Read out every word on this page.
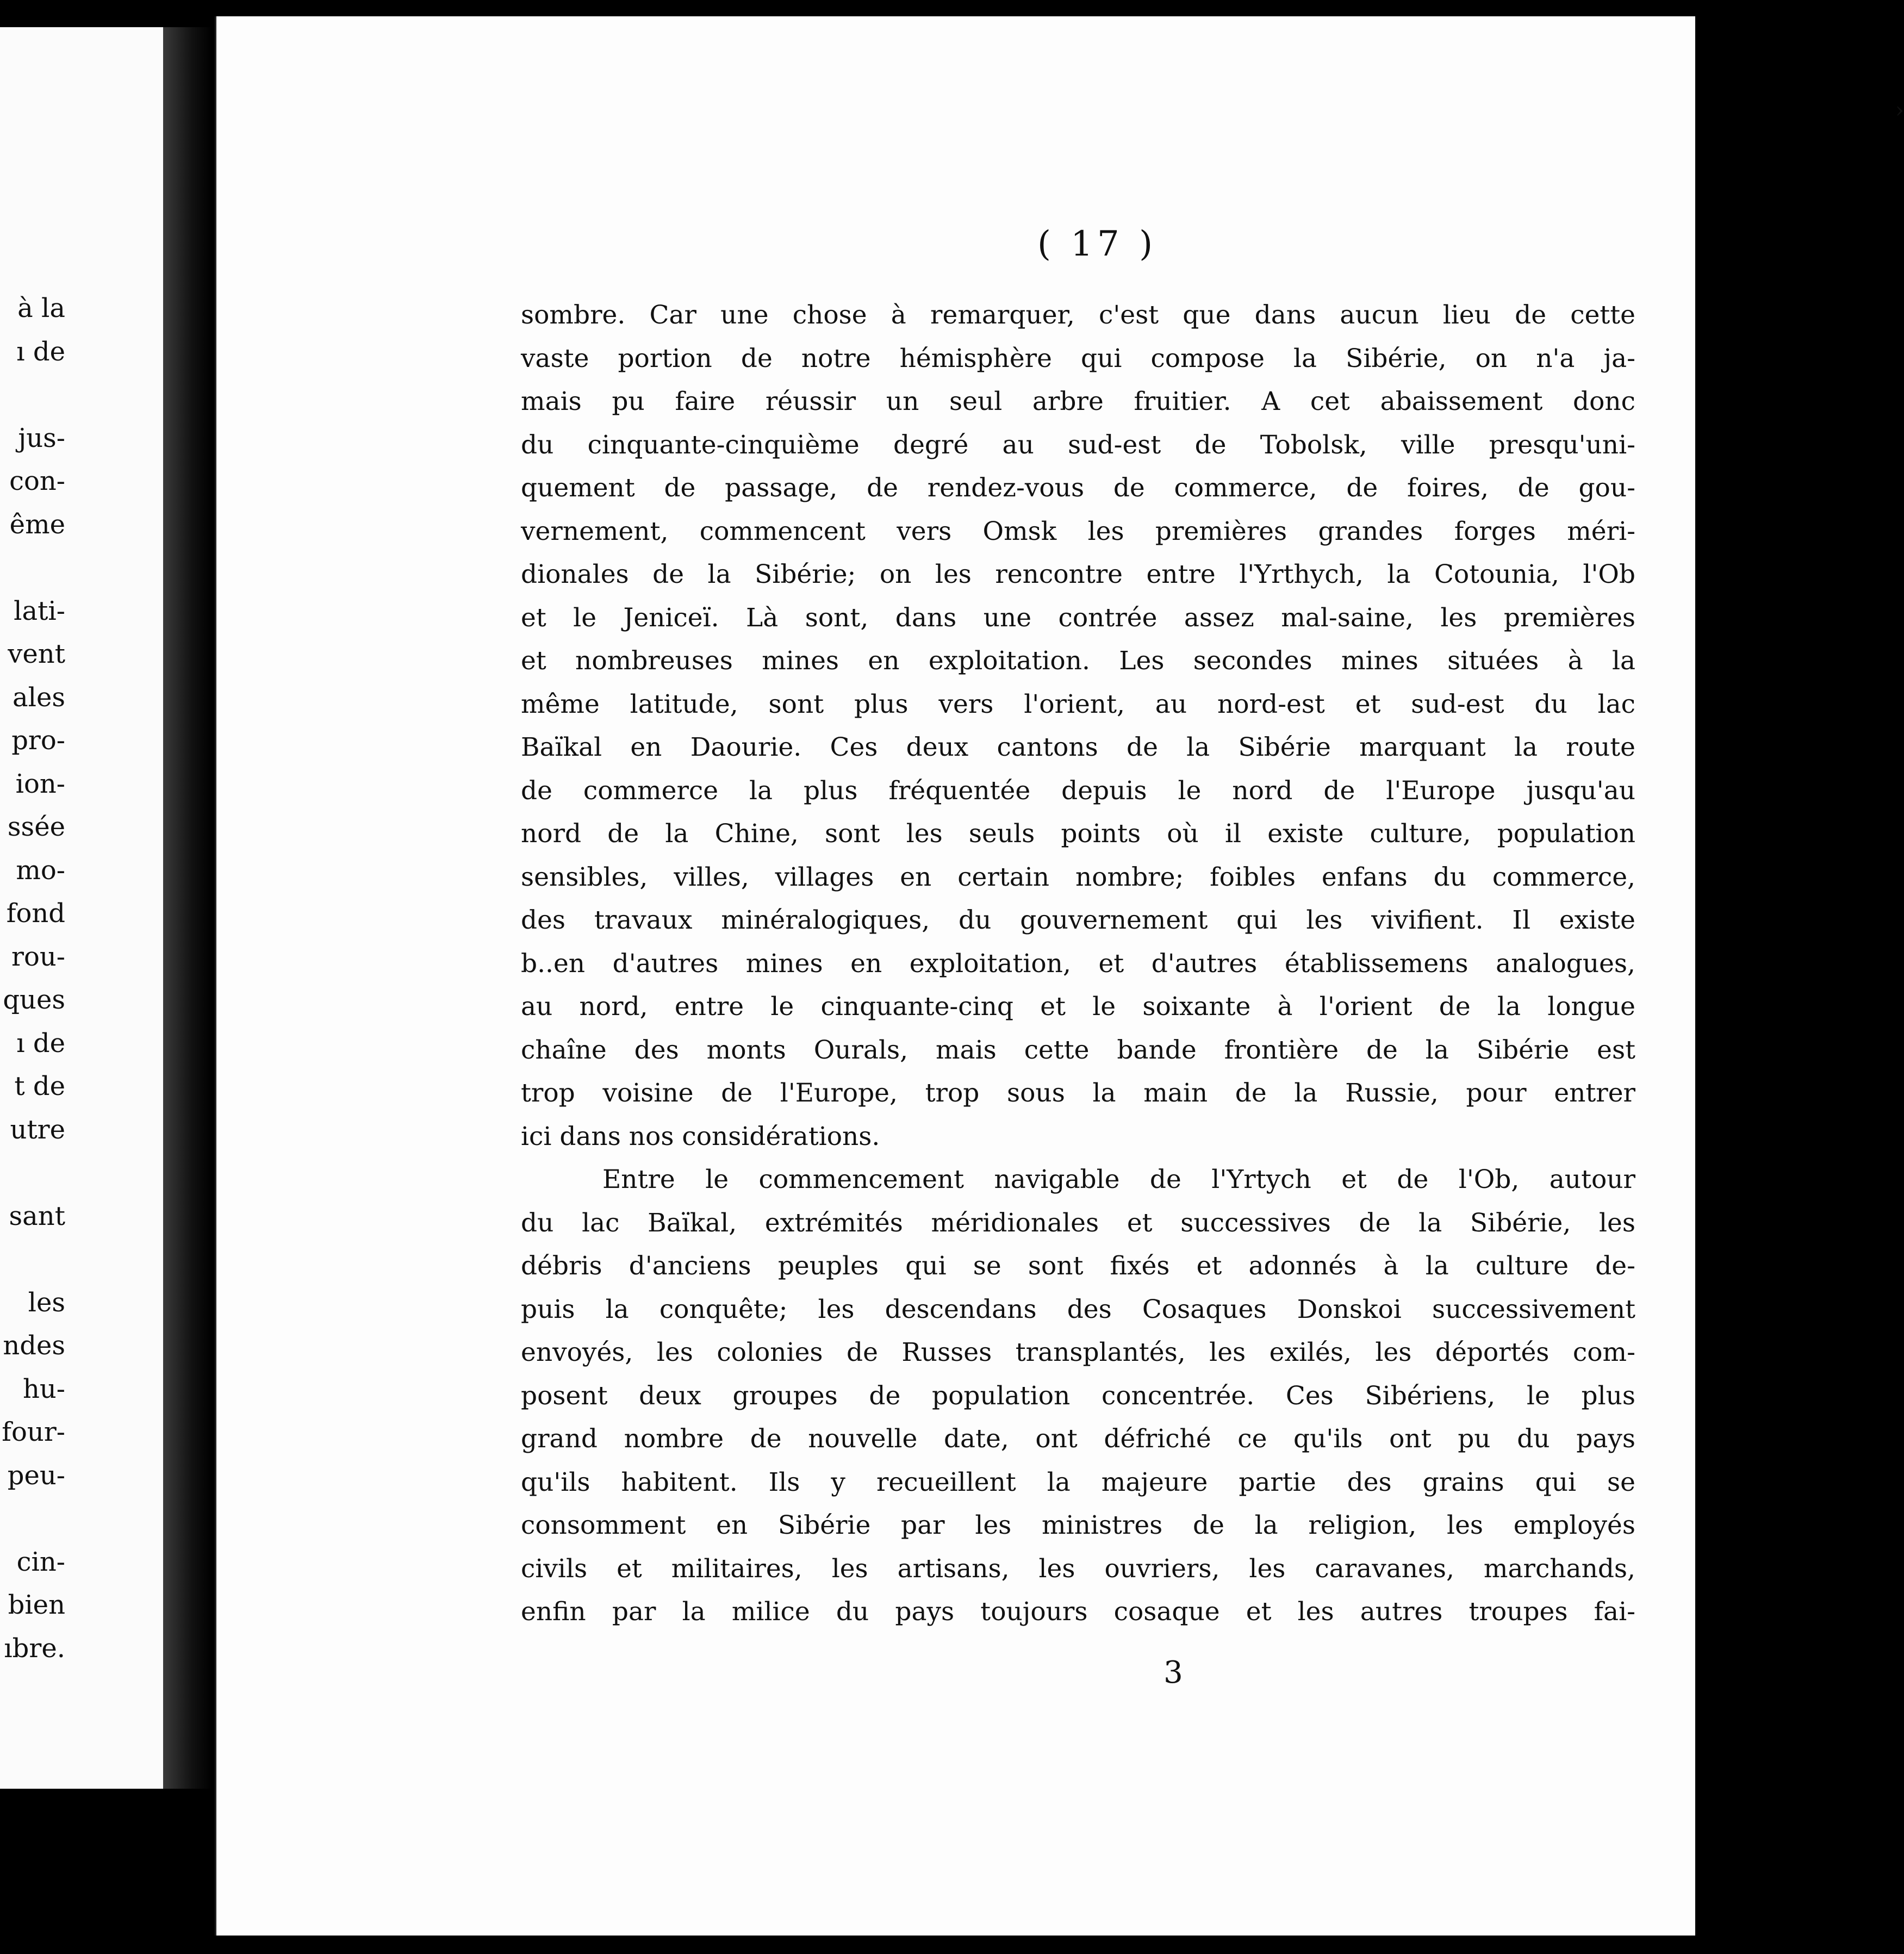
à la
ı de
jus-
con-
ême
lati-
vent
ales
pro-
ion-
ssée
mo-
fond
rou-
ques
ı de
t de
utre
sant
les
ndes
hu-
four-
peu-
cin-
bien
ıbre.
( 17 )
sombre. Car une chose à remarquer, c'est que dans aucun lieu de cette
vaste portion de notre hémisphère qui compose la Sibérie, on n'a ja-
mais pu faire réussir un seul arbre fruitier. A cet abaissement donc
du cinquante-cinquième degré au sud-est de Tobolsk, ville presqu'uni-
quement de passage, de rendez-vous de commerce, de foires, de gou-
vernement, commencent vers Omsk les premières grandes forges méri-
dionales de la Sibérie; on les rencontre entre l'Yrthych, la Cotounia, l'Ob
et le Jeniceï. Là sont, dans une contrée assez mal-saine, les premières
et nombreuses mines en exploitation. Les secondes mines situées à la
même latitude, sont plus vers l'orient, au nord-est et sud-est du lac
Baïkal en Daourie. Ces deux cantons de la Sibérie marquant la route
de commerce la plus fréquentée depuis le nord de l'Europe jusqu'au
nord de la Chine, sont les seuls points où il existe culture, population
sensibles, villes, villages en certain nombre; foibles enfans du commerce,
des travaux minéralogiques, du gouvernement qui les vivifient. Il existe
b..en d'autres mines en exploitation, et d'autres établissemens analogues,
au nord, entre le cinquante-cinq et le soixante à l'orient de la longue
chaîne des monts Ourals, mais cette bande frontière de la Sibérie est
trop voisine de l'Europe, trop sous la main de la Russie, pour entrer
ici dans nos considérations.
Entre le commencement navigable de l'Yrtych et de l'Ob, autour
du lac Baïkal, extrémités méridionales et successives de la Sibérie, les
débris d'anciens peuples qui se sont fixés et adonnés à la culture de-
puis la conquête; les descendans des Cosaques Donskoi successivement
envoyés, les colonies de Russes transplantés, les exilés, les déportés com-
posent deux groupes de population concentrée. Ces Sibériens, le plus
grand nombre de nouvelle date, ont défriché ce qu'ils ont pu du pays
qu'ils habitent. Ils y recueillent la majeure partie des grains qui se
consomment en Sibérie par les ministres de la religion, les employés
civils et militaires, les artisans, les ouvriers, les caravanes, marchands,
enfin par la milice du pays toujours cosaque et les autres troupes fai-
3
›
